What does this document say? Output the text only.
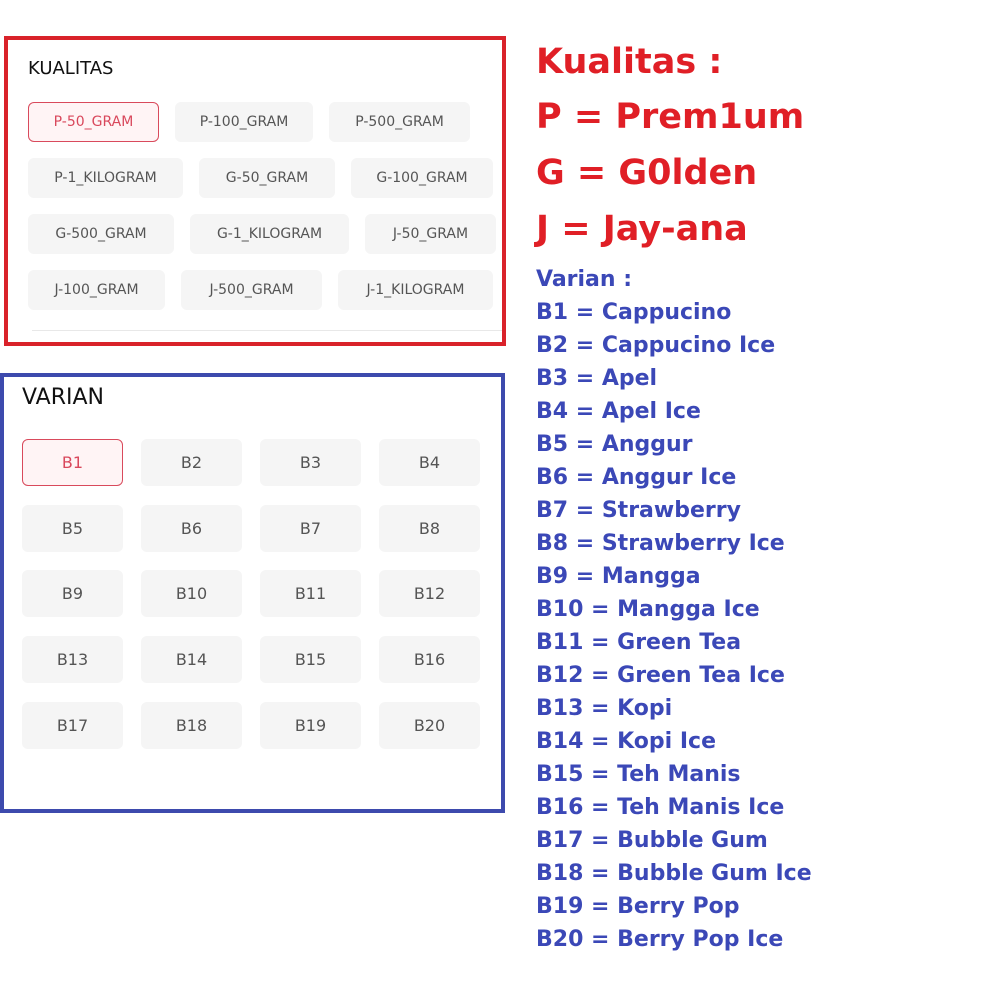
KUALITAS
P-50_GRAM	P-100_GRAM	P-500_GRAM
P-1_KILOGRAM	G-50_GRAM	G-100_GRAM
G-500_GRAM	G-1_KILOGRAM	J-50_GRAM
J-100_GRAM	J-500_GRAM	J-1_KILOGRAM
VARIAN
B1	B2	B3	B4
B5	B6	B7	B8
B9	B10	B11	B12
B13	B14	B15	B16
B17	B18	B19	B20
Kualitas :
P = Prem1um
G = G0lden
J = Jay-ana
Varian :
B1 = Cappucino
B2 = Cappucino Ice
B3 = Apel
B4 = Apel Ice
B5 = Anggur
B6 = Anggur Ice
B7 = Strawberry
B8 = Strawberry Ice
B9 = Mangga
B10 = Mangga Ice
B11 = Green Tea
B12 = Green Tea Ice
B13 = Kopi
B14 = Kopi Ice
B15 = Teh Manis
B16 = Teh Manis Ice
B17 = Bubble Gum
B18 = Bubble Gum Ice
B19 = Berry Pop
B20 = Berry Pop Ice
